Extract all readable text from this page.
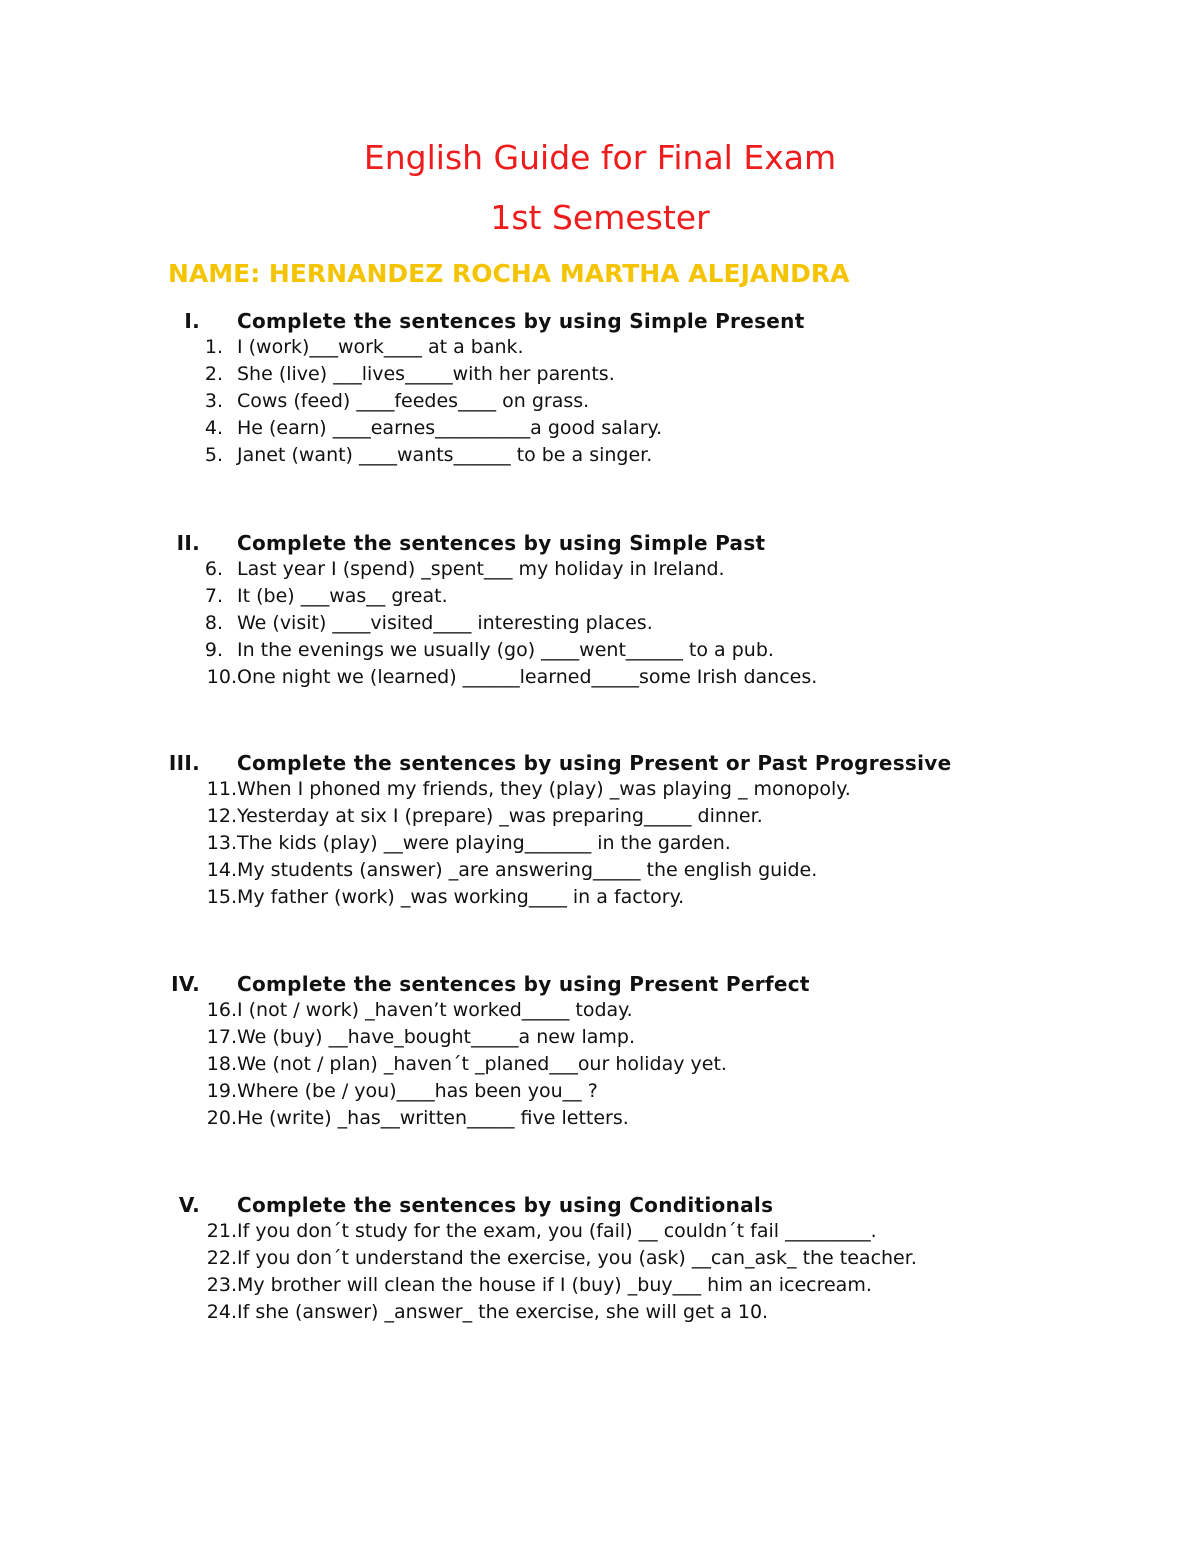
English Guide for Final Exam
1st Semester
NAME: HERNANDEZ ROCHA MARTHA ALEJANDRA
I. Complete the sentences by using Simple Present
1. I (work)___work____ at a bank.
2. She (live) ___lives_____with her parents.
3. Cows (feed) ____feedes____ on grass.
4. He (earn) ____earnes__________a good salary.
5. Janet (want) ____wants______ to be a singer.
II. Complete the sentences by using Simple Past
6. Last year I (spend) _spent___ my holiday in Ireland.
7. It (be) ___was__ great.
8. We (visit) ____visited____ interesting places.
9. In the evenings we usually (go) ____went______ to a pub.
10. One night we (learned) ______learned_____some Irish dances.
III. Complete the sentences by using Present or Past Progressive
11. When I phoned my friends, they (play) _was playing _ monopoly.
12. Yesterday at six I (prepare) _was preparing_____ dinner.
13. The kids (play) __were playing_______ in the garden.
14. My students (answer) _are answering_____ the english guide.
15. My father (work) _was working____ in a factory.
IV. Complete the sentences by using Present Perfect
16. I (not / work) _haven’t worked_____ today.
17. We (buy) __have_bought_____a new lamp.
18. We (not / plan) _haven´t _planed___our holiday yet.
19. Where (be / you)____has been you__ ?
20. He (write) _has__written_____ five letters.
V. Complete the sentences by using Conditionals
21. If you don´t study for the exam, you (fail) __ couldn´t fail _________.
22. If you don´t understand the exercise, you (ask) __can_ask_ the teacher.
23. My brother will clean the house if I (buy) _buy___ him an icecream.
24. If she (answer) _answer_ the exercise, she will get a 10.
